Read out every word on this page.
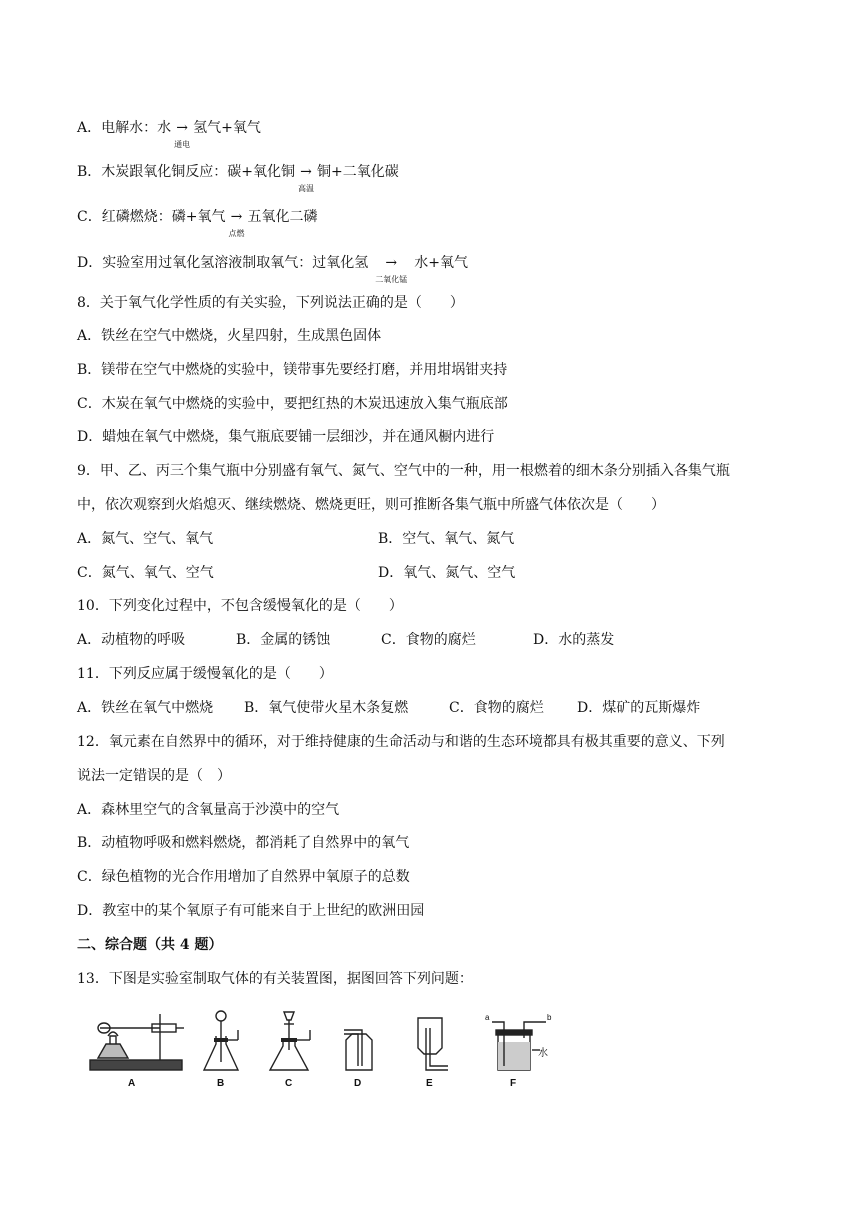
A．电解水：水 →
通电
氢气+氧气
B．木炭跟氧化铜反应：碳+氧化铜 →
高温
铜+二氧化碳
C．红磷燃烧：磷+氧气 →
点燃
五氧化二磷
D．实验室用过氧化氢溶液制取氧气：过氧化氢 →
二氧化锰
水+氧气
8．关于氧气化学性质的有关实验，下列说法正确的是（　　）
A．铁丝在空气中燃烧，火星四射，生成黑色固体
B．镁带在空气中燃烧的实验中，镁带事先要经打磨，并用坩埚钳夹持
C．木炭在氧气中燃烧的实验中，要把红热的木炭迅速放入集气瓶底部
D．蜡烛在氧气中燃烧，集气瓶底要铺一层细沙，并在通风橱内进行
9．甲、乙、丙三个集气瓶中分别盛有氧气、氮气、空气中的一种，用一根燃着的细木条分别插入各集气瓶
中，依次观察到火焰熄灭、继续燃烧、燃烧更旺，则可推断各集气瓶中所盛气体依次是（　　）
A．氮气、空气、氧气	B．空气、氧气、氮气
C．氮气、氧气、空气	D．氧气、氮气、空气
10．下列变化过程中，不包含缓慢氧化的是（　　）
A．动植物的呼吸	B．金属的锈蚀	C．食物的腐烂	D．水的蒸发
11．下列反应属于缓慢氧化的是（　　）
A．铁丝在氧气中燃烧 B．氧气使带火星木条复燃	C．食物的腐烂 D．煤矿的瓦斯爆炸
12．氧元素在自然界中的循环，对于维持健康的生命活动与和谐的生态环境都具有极其重要的意义、下列
说法一定错误的是（　）
A．森林里空气的含氧量高于沙漠中的空气
B．动植物呼吸和燃料燃烧，都消耗了自然界中的氧气
C．绿色植物的光合作用增加了自然界中氧原子的总数
D．教室中的某个氧原子有可能来自于上世纪的欧洲田园
二、综合题（共 4 题）
13．下图是实验室制取气体的有关装置图，据图回答下列问题：
A	B	C	D	E	F
a	b
水
